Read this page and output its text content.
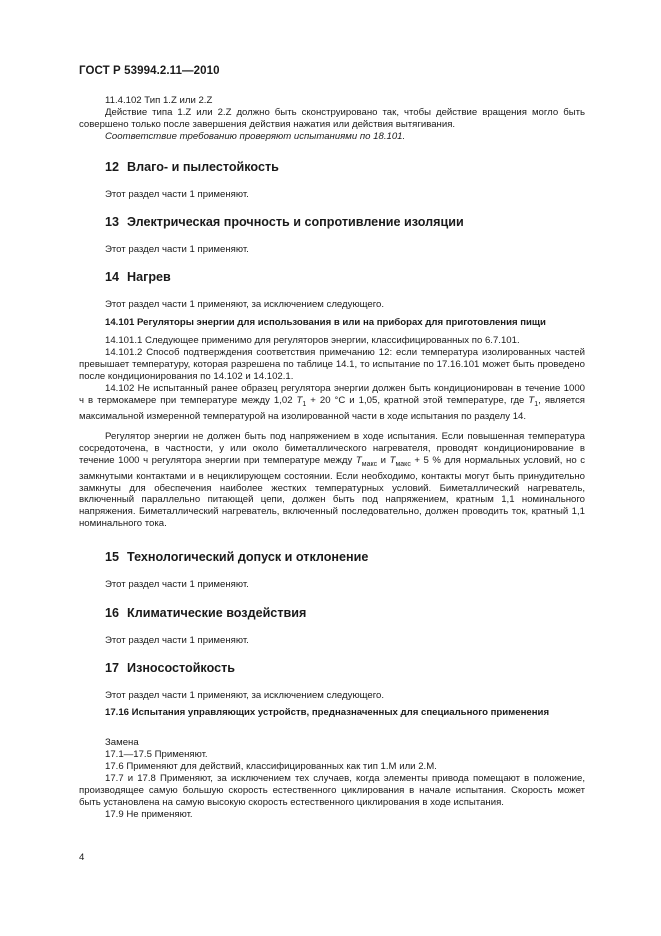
ГОСТ Р 53994.2.11—2010
11.4.102 Тип 1.Z или 2.Z

Действие типа 1.Z или 2.Z должно быть сконструировано так, чтобы действие вращения могло быть совершено только после завершения действия нажатия или действия вытягивания.

Соответствие требованию проверяют испытаниями по 18.101.
12 Влаго- и пылестойкость
Этот раздел части 1 применяют.
13 Электрическая прочность и сопротивление изоляции
Этот раздел части 1 применяют.
14 Нагрев
Этот раздел части 1 применяют, за исключением следующего.
14.101 Регуляторы энергии для использования в или на приборах для приготовления пищи
14.101.1 Следующее применимо для регуляторов энергии, классифицированных по 6.7.101.

14.101.2 Способ подтверждения соответствия примечанию 12: если температура изолированных частей превышает температуру, которая разрешена по таблице 14.1, то испытание по 17.16.101 может быть проведено после кондиционирования по 14.102 и 14.102.1.

14.102 Не испытанный ранее образец регулятора энергии должен быть кондиционирован в течение 1000 ч в термокамере при температуре между 1,02 $T_1 + 20$ °С и 1,05, кратной этой температуре, где $T_1$, является максимальной измеренной температурой на изолированной части в ходе испытания по разделу 14.

Регулятор энергии не должен быть под напряжением в ходе испытания. Если повышенная температура сосредоточена, в частности, у или около биметаллического нагревателя, проводят кондиционирование в течение 1000 ч регулятора энергии при температуре между $T_{макс}$ и $T_{макс} + 5$ % для нормальных условий, но с замкнутыми контактами и в нециклирующем состоянии. Если необходимо, контакты могут быть принудительно замкнуты для обеспечения наиболее жестких температурных условий. Биметаллический нагреватель, включенный параллельно питающей цепи, должен быть под напряжением, кратным 1,1 номинального напряжения. Биметаллический нагреватель, включенный последовательно, должен проводить ток, кратный 1,1 номинального тока.

15 Технологический допуск и отклонение
Этот раздел части 1 применяют.
16 Климатические воздействия
Этот раздел части 1 применяют.
17 Износостойкость
Этот раздел части 1 применяют, за исключением следующего.

17.16 Испытания управляющих устройств, предназначенных для специального применения

Замена
17.1—17.5 Применяют.
17.6 Применяют для действий, классифицированных как тип 1.М или 2.М.

17.7 и 17.8 Применяют, за исключением тех случаев, когда элементы привода помещают в положение, производящее самую большую скорость естественного циклирования в начале испытания. Скорость может быть установлена на самую высокую скорость естественного циклирования в ходе испытания.

17.9 Не применяют.
4
